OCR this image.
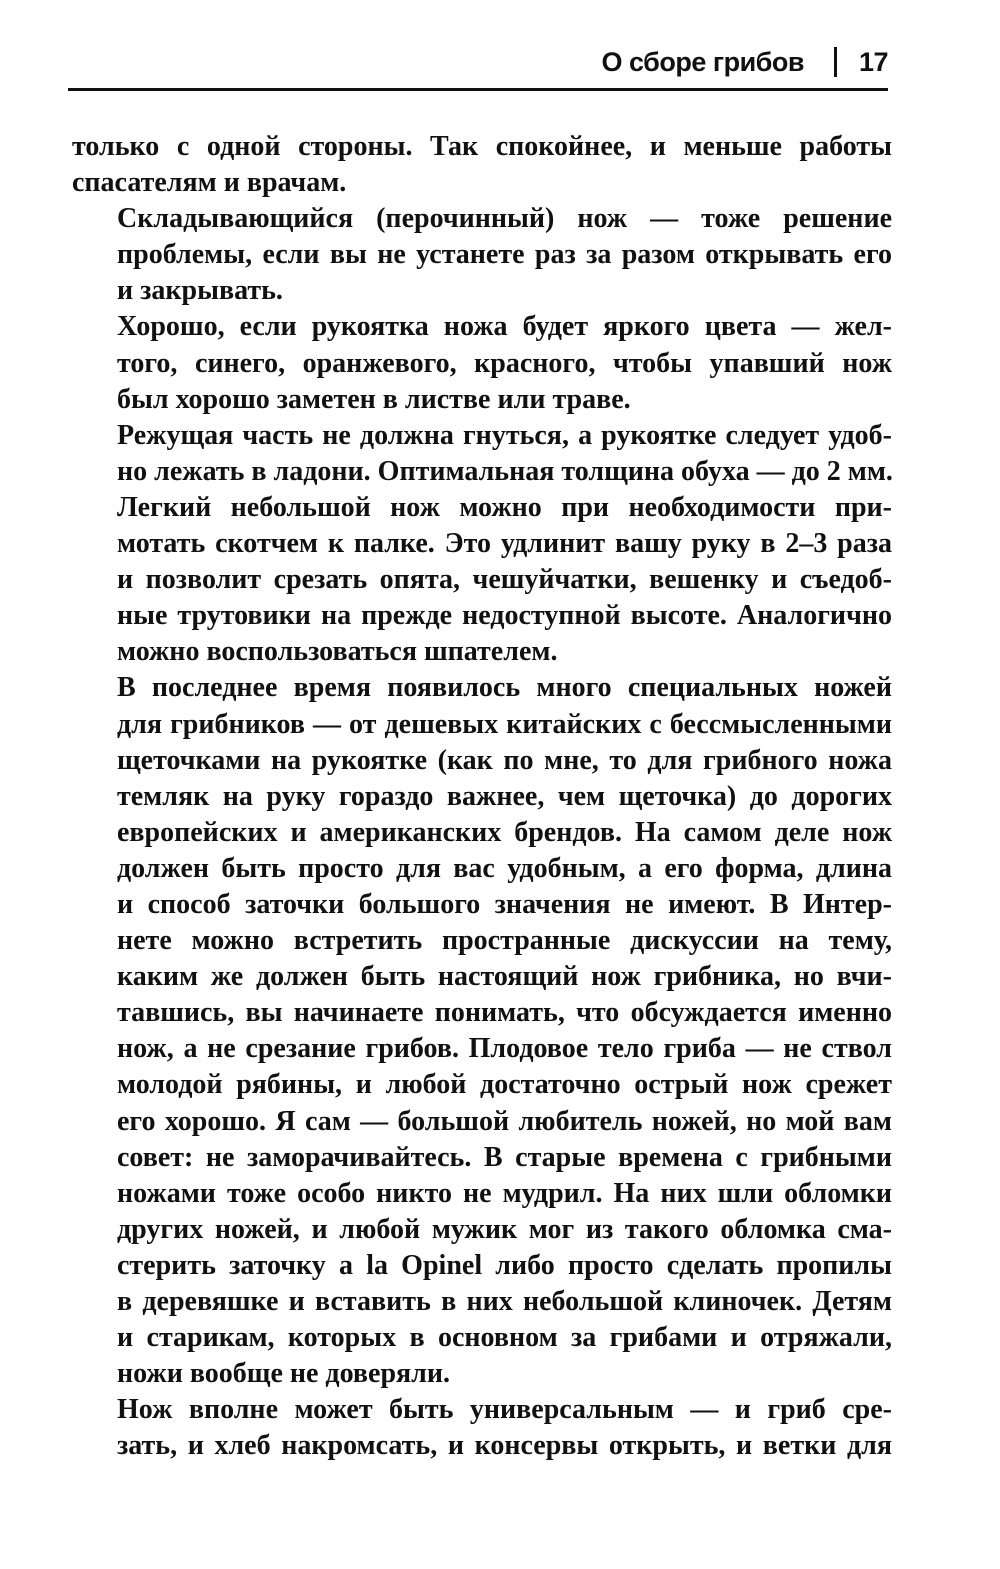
О сборе грибов 17
только с одной стороны. Так спокойнее, и меньше работы
спасателям и врачам.
Складывающийся (перочинный) нож — тоже решение
проблемы, если вы не устанете раз за разом открывать его
и закрывать.
Хорошо, если рукоятка ножа будет яркого цвета — жел-
того, синего, оранжевого, красного, чтобы упавший нож
был хорошо заметен в листве или траве.
Режущая часть не должна гнуться, а рукоятке следует удоб-
но лежать в ладони. Оптимальная толщина обуха — до 2 мм.
Легкий небольшой нож можно при необходимости при-
мотать скотчем к палке. Это удлинит вашу руку в 2–3 раза
и позволит срезать опята, чешуйчатки, вешенку и съедоб-
ные трутовики на прежде недоступной высоте. Аналогично
можно воспользоваться шпателем.
В последнее время появилось много специальных ножей
для грибников — от дешевых китайских с бессмысленными
щеточками на рукоятке (как по мне, то для грибного ножа
темляк на руку гораздо важнее, чем щеточка) до дорогих
европейских и американских брендов. На самом деле нож
должен быть просто для вас удобным, а его форма, длина
и способ заточки большого значения не имеют. В Интер-
нете можно встретить пространные дискуссии на тему,
каким же должен быть настоящий нож грибника, но вчи-
тавшись, вы начинаете понимать, что обсуждается именно
нож, а не срезание грибов. Плодовое тело гриба — не ствол
молодой рябины, и любой достаточно острый нож срежет
его хорошо. Я сам — большой любитель ножей, но мой вам
совет: не заморачивайтесь. В старые времена с грибными
ножами тоже особо никто не мудрил. На них шли обломки
других ножей, и любой мужик мог из такого обломка сма-
стерить заточку а la Opinel либо просто сделать пропилы
в деревяшке и вставить в них небольшой клиночек. Детям
и старикам, которых в основном за грибами и отряжали,
ножи вообще не доверяли.
Нож вполне может быть универсальным — и гриб сре-
зать, и хлеб накромсать, и консервы открыть, и ветки для
